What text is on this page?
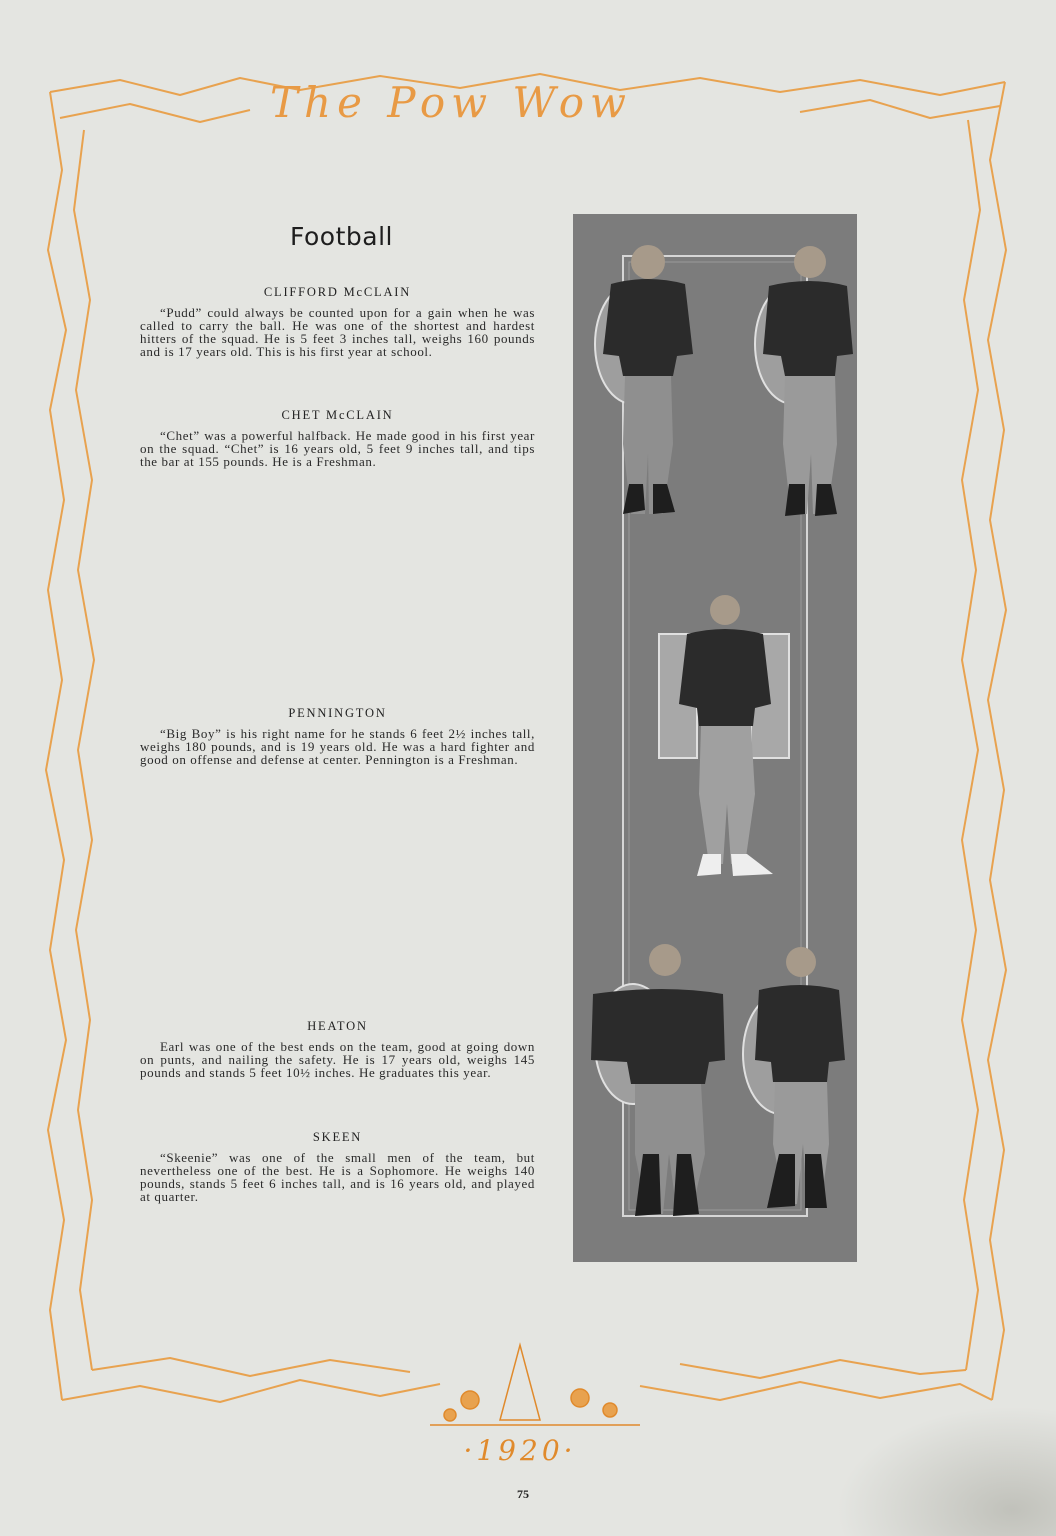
The Pow Wow
Football
CLIFFORD McCLAIN
“Pudd” could always be counted upon for a gain when he was called to carry the ball. He was one of the shortest and hardest hitters of the squad. He is 5 feet 3 inches tall, weighs 160 pounds and is 17 years old. This is his first year at school.
CHET McCLAIN
“Chet” was a powerful halfback. He made good in his first year on the squad. “Chet” is 16 years old, 5 feet 9 inches tall, and tips the bar at 155 pounds. He is a Freshman.
PENNINGTON
“Big Boy” is his right name for he stands 6 feet 2½ inches tall, weighs 180 pounds, and is 19 years old. He was a hard fighter and good on offense and defense at center. Pennington is a Freshman.
HEATON
Earl was one of the best ends on the team, good at going down on punts, and nailing the safety. He is 17 years old, weighs 145 pounds and stands 5 feet 10½ inches. He graduates this year.
SKEEN
“Skeenie” was one of the small men of the team, but nevertheless one of the best. He is a Sophomore. He weighs 140 pounds, stands 5 feet 6 inches tall, and is 16 years old, and played at quarter.
·1920·
75
